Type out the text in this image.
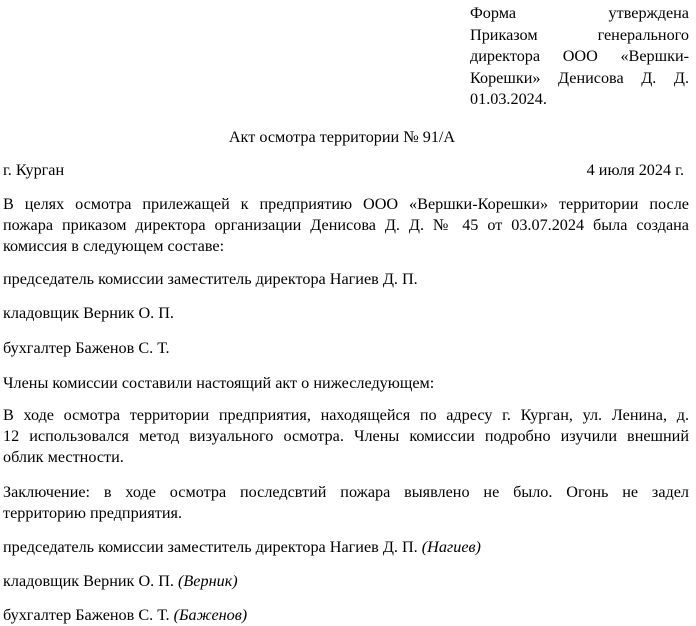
Форма утверждена
Приказом генерального
директора ООО «Вершки-
Корешки» Денисова Д. Д.
01.03.2024.
Акт осмотра территории № 91/А
г. Курган	4 июля 2024 г.
В целях осмотра прилежащей к предприятию ООО «Вершки-Корешки» территории после
пожара приказом директора организации Денисова Д. Д. № 45 от 03.07.2024 была создана
комиссия в следующем составе:
председатель комиссии заместитель директора Нагиев Д. П.
кладовщик Верник О. П.
бухгалтер Баженов С. Т.
Члены комиссии составили настоящий акт о нижеследующем:
В ходе осмотра территории предприятия, находящейся по адресу г. Курган, ул. Ленина, д.
12 использовался метод визуального осмотра. Члены комиссии подробно изучили внешний
облик местности.
Заключение: в ходе осмотра последсвтий пожара выявлено не было. Огонь не задел
территорию предприятия.
председатель комиссии заместитель директора Нагиев Д. П. (Нагиев)
кладовщик Верник О. П. (Верник)
бухгалтер Баженов С. Т. (Баженов)
